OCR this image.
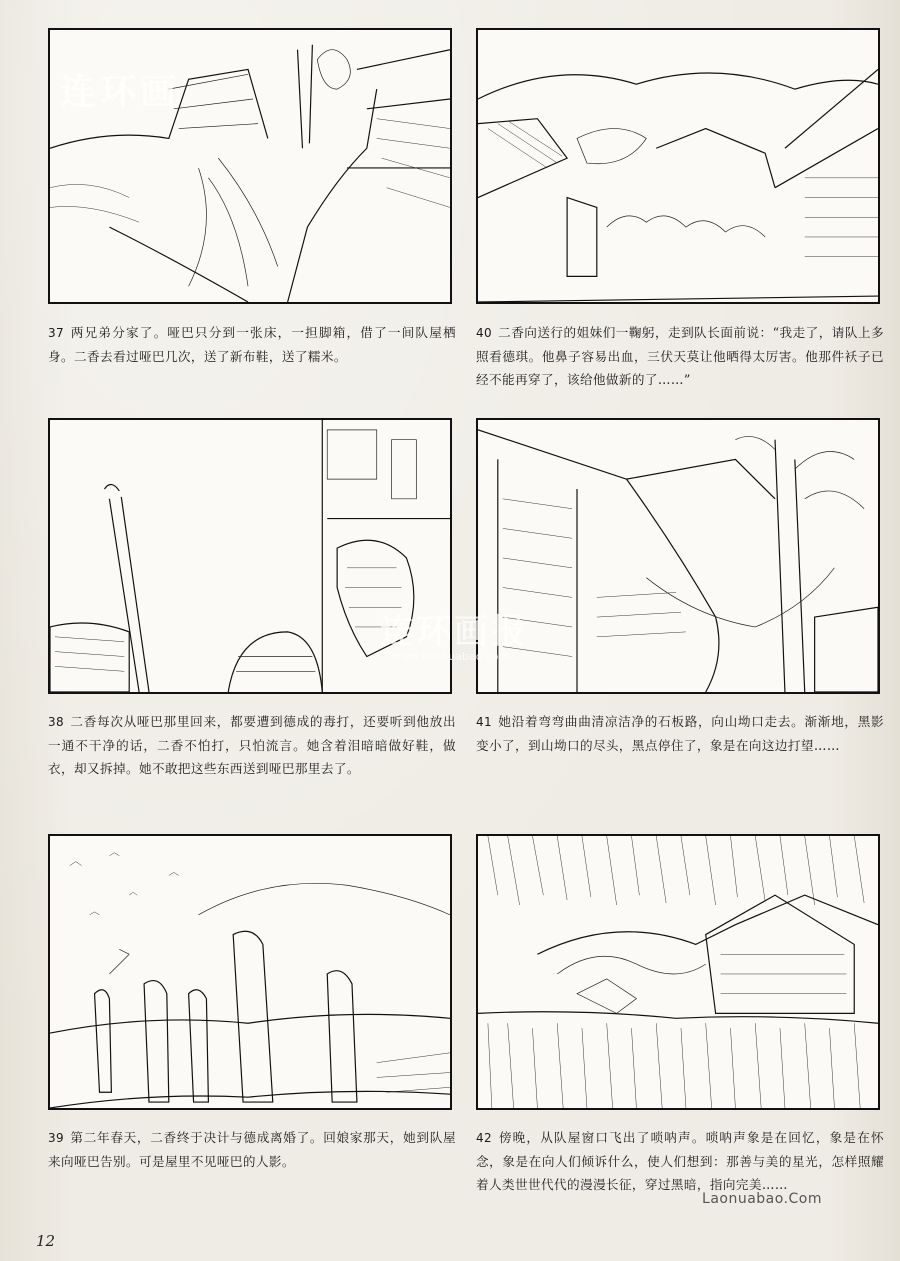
37 两兄弟分家了。哑巴只分到一张床，一担脚箱，借了一间队屋栖身。二香去看过哑巴几次，送了新布鞋，送了糯米。
40 二香向送行的姐妹们一鞠躬，走到队长面前说：“我走了，请队上多照看德琪。他鼻子容易出血，三伏天莫让他晒得太厉害。他那件袄子已经不能再穿了，该给他做新的了……”
38 二香每次从哑巴那里回来，都要遭到德成的毒打，还要听到他放出一通不干净的话，二香不怕打，只怕流言。她含着泪暗暗做好鞋，做衣，却又拆掉。她不敢把这些东西送到哑巴那里去了。
41 她沿着弯弯曲曲清凉洁净的石板路，向山坳口走去。渐渐地，黑影变小了，到山坳口的尽头，黑点停住了，象是在向这边打望……
39 第二年春天，二香终于决计与德成离婚了。回娘家那天，她到队屋来向哑巴告别。可是屋里不见哑巴的人影。
42 傍晚，从队屋窗口飞出了唢呐声。唢呐声象是在回忆，象是在怀念，象是在向人们倾诉什么，使人们想到：那善与美的星光，怎样照耀着人类世世代代的漫漫长征，穿过黑暗，指向完美……
连环画
连环画报
www.lianhuabao.com
Laonuabao.Com
12
